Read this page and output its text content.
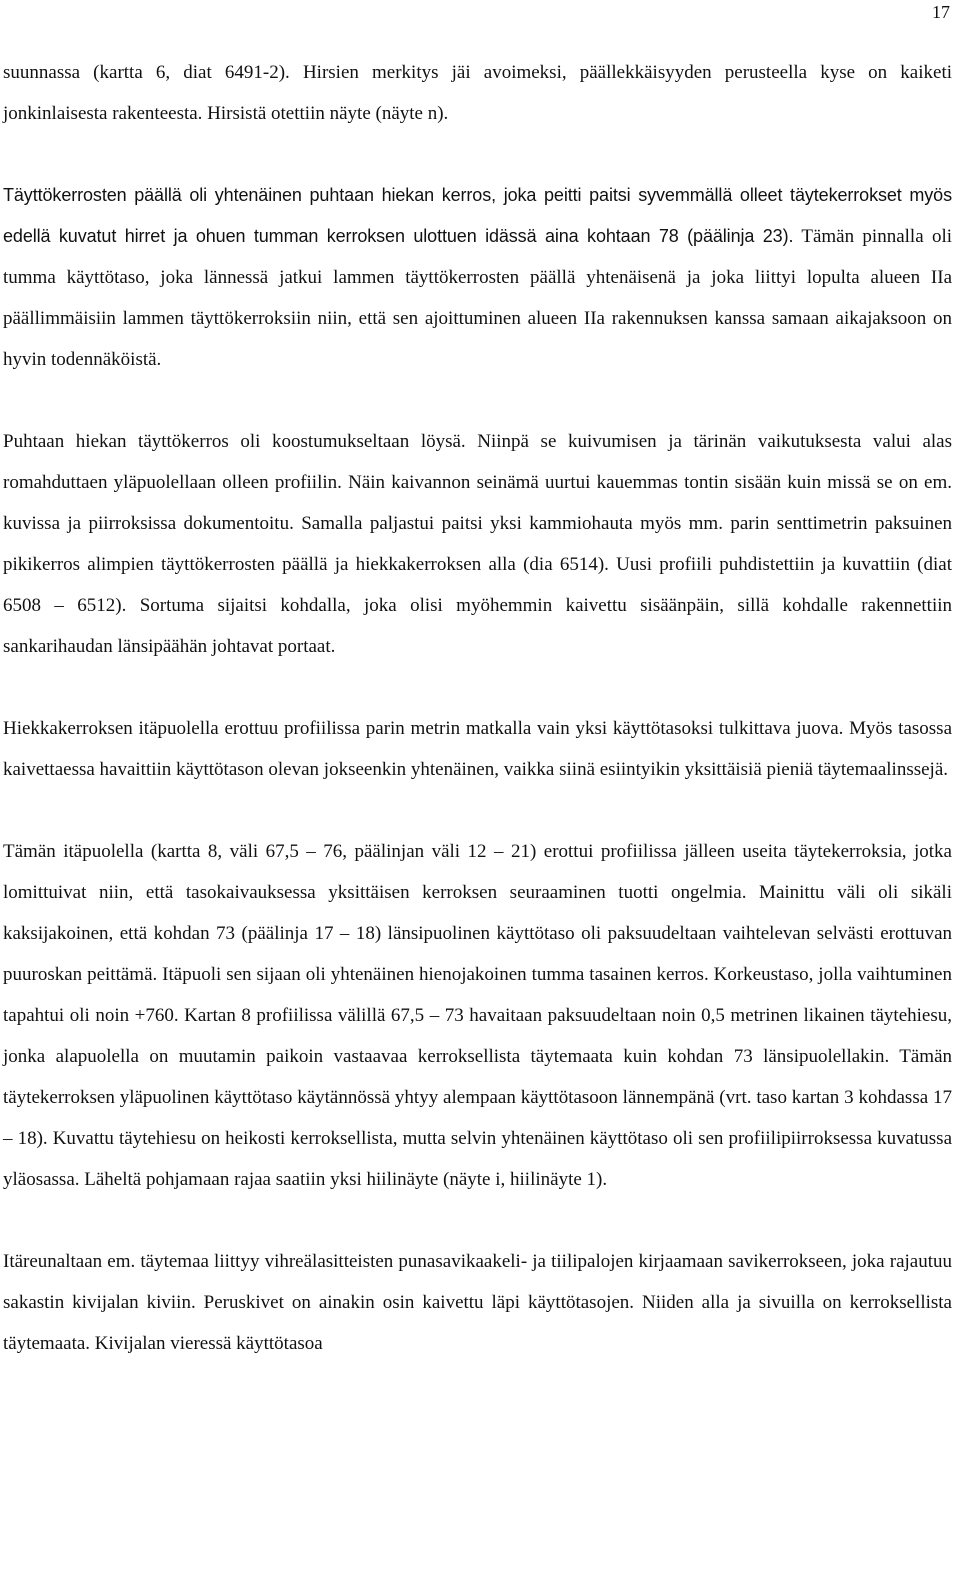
17

suunnassa (kartta 6, diat 6491-2). Hirsien merkitys jäi avoimeksi, päällekkäisyyden perusteella kyse on kaiketi jonkinlaisesta rakenteesta. Hirsistä otettiin näyte (näyte n).

Täyttökerrosten päällä oli yhtenäinen puhtaan hiekan kerros, joka peitti paitsi syvemmällä olleet täytekerrokset myös edellä kuvatut hirret ja ohuen tumman kerroksen ulottuen idässä aina kohtaan 78 (päälinja 23). Tämän pinnalla oli tumma käyttötaso, joka lännessä jatkui lammen täyttökerrosten päällä yhtenäisenä ja joka liittyi lopulta alueen IIa päällimmäisiin lammen täyttökerroksiin niin, että sen ajoittuminen alueen IIa rakennuksen kanssa samaan aikajaksoon on hyvin todennäköistä.

Puhtaan hiekan täyttökerros oli koostumukseltaan löysä. Niinpä se kuivumisen ja tärinän vaikutuksesta valui alas romahduttaen yläpuolellaan olleen profiilin. Näin kaivannon seinämä uurtui kauemmas tontin sisään kuin missä se on em. kuvissa ja piirroksissa dokumentoitu. Samalla paljastui paitsi yksi kammiohauta myös mm. parin senttimetrin paksuinen pikikerros alimpien täyttökerrosten päällä ja hiekkakerroksen alla (dia 6514). Uusi profiili puhdistettiin ja kuvattiin (diat 6508 – 6512). Sortuma sijaitsi kohdalla, joka olisi myöhemmin kaivettu sisäänpäin, sillä kohdalle rakennettiin sankarihaudan länsipäähän johtavat portaat.

Hiekkakerroksen itäpuolella erottuu profiilissa parin metrin matkalla vain yksi käyttötasoksi tulkittava juova. Myös tasossa kaivettaessa havaittiin käyttötason olevan jokseenkin yhtenäinen, vaikka siinä esiintyikin yksittäisiä pieniä täytemaalinssejä.

Tämän itäpuolella (kartta 8, väli 67,5 – 76, päälinjan väli 12 – 21) erottui profiilissa jälleen useita täytekerroksia, jotka lomittuivat niin, että tasokaivauksessa yksittäisen kerroksen seuraaminen tuotti ongelmia. Mainittu väli oli sikäli kaksijakoinen, että kohdan 73 (päälinja 17 – 18) länsipuolinen käyttötaso oli paksuudeltaan vaihtelevan selvästi erottuvan puuroskan peittämä. Itäpuoli sen sijaan oli yhtenäinen hienojakoinen tumma tasainen kerros. Korkeustaso, jolla vaihtuminen tapahtui oli noin +760. Kartan 8 profiilissa välillä 67,5 – 73 havaitaan paksuudeltaan noin 0,5 metrinen likainen täytehiesu, jonka alapuolella on muutamin paikoin vastaavaa kerroksellista täytemaata kuin kohdan 73 länsipuolellakin. Tämän täytekerroksen yläpuolinen käyttötaso käytännössä yhtyy alempaan käyttötasoon lännempänä (vrt. taso kartan 3 kohdassa 17 – 18). Kuvattu täytehiesu on heikosti kerroksellista, mutta selvin yhtenäinen käyttötaso oli sen profiilipiirroksessa kuvatussa yläosassa. Läheltä pohjamaan rajaa saatiin yksi hiilinäyte (näyte i, hiilinäyte 1).

Itäreunaltaan em. täytemaa liittyy vihreälasitteisten punasavikaakeli- ja tiilipalojen kirjaamaan savikerrokseen, joka rajautuu sakastin kivijalan kiviin. Peruskivet on ainakin osin kaivettu läpi käyttötasojen. Niiden alla ja sivuilla on kerroksellista täytemaata. Kivijalan vieressä käyttötasoa
